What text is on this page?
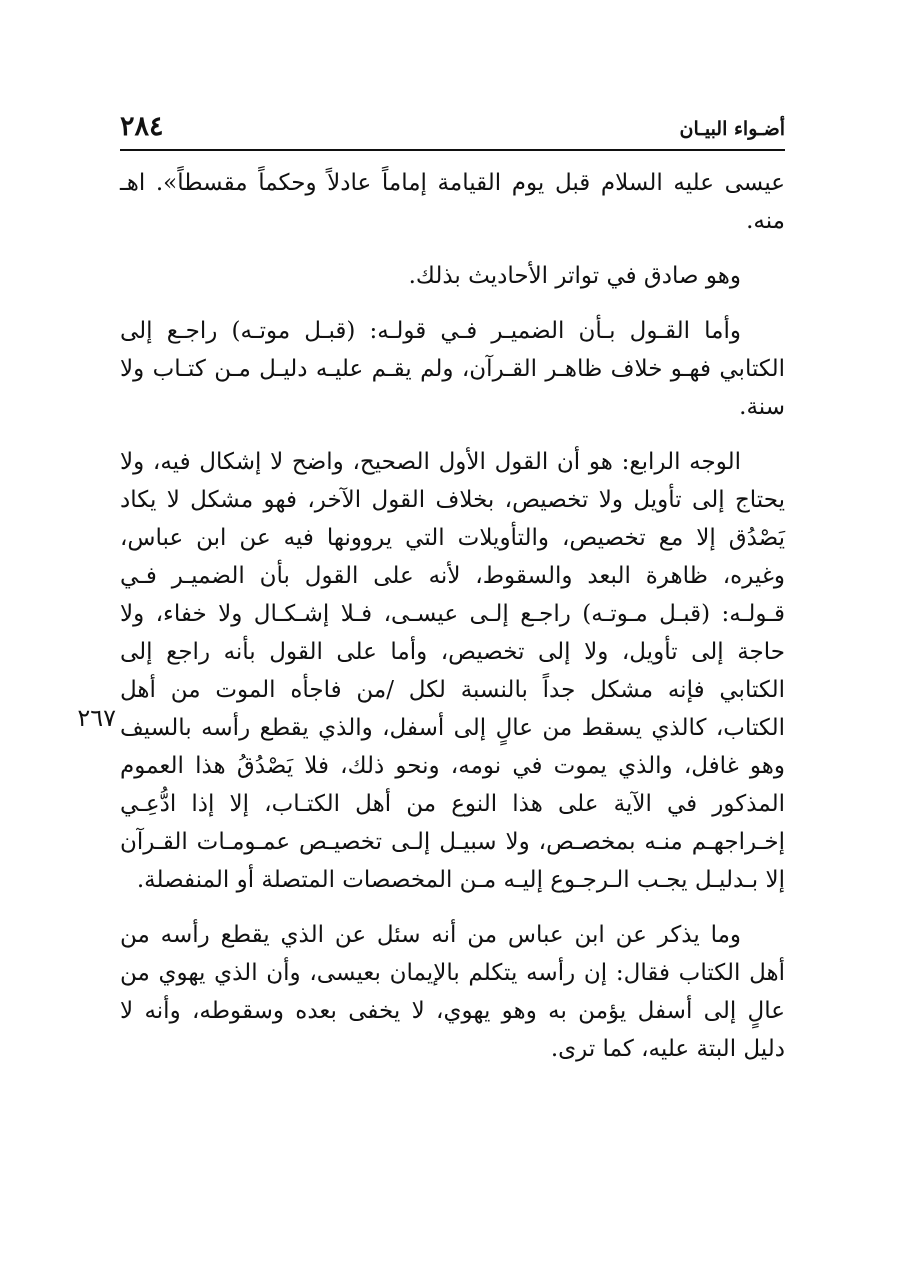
أضـواء البيـان
٢٨٤
٢٦٧

عيسى عليه السلام قبل يوم القيامة إماماً عادلاً وحكماً مقسطاً». اهـ منه.

وهو صادق في تواتر الأحاديث بذلك.

وأما القـول بـأن الضميـر فـي قولـه: (قبـل موتـه) راجـع إلى الكتابي فهـو خلاف ظاهـر القـرآن، ولم يقـم عليـه دليـل مـن كتـاب ولا سنة.

الوجه الرابع: هو أن القول الأول الصحيح، واضح لا إشكال فيه، ولا يحتاج إلى تأويل ولا تخصيص، بخلاف القول الآخر، فهو مشكل لا يكاد يَصْدُق إلا مع تخصيص، والتأويلات التي يروونها فيه عن ابن عباس، وغيره، ظاهرة البعد والسقوط، لأنه على القول بأن الضميـر فـي قـولـه: (قبـل مـوتـه) راجـع إلـى عيسـى، فـلا إشـكـال ولا خفاء، ولا حاجة إلى تأويل، ولا إلى تخصيص، وأما على القول بأنه راجع إلى الكتابي فإنه مشكل جداً بالنسبة لكل /من فاجأه الموت من أهل الكتاب، كالذي يسقط من عالٍ إلى أسفل، والذي يقطع رأسه بالسيف وهو غافل، والذي يموت في نومه، ونحو ذلك، فلا يَصْدُقُ هذا العموم المذكور في الآية على هذا النوع من أهل الكتـاب، إلا إذا ادُّعِـي إخـراجهـم منـه بمخصـص، ولا سبيـل إلـى تخصيـص عمـومـات القـرآن إلا بـدليـل يجـب الـرجـوع إليـه مـن المخصصات المتصلة أو المنفصلة.

وما يذكر عن ابن عباس من أنه سئل عن الذي يقطع رأسه من أهل الكتاب فقال: إن رأسه يتكلم بالإيمان بعيسى، وأن الذي يهوي من عالٍ إلى أسفل يؤمن به وهو يهوي، لا يخفى بعده وسقوطه، وأنه لا دليل البتة عليه، كما ترى.
